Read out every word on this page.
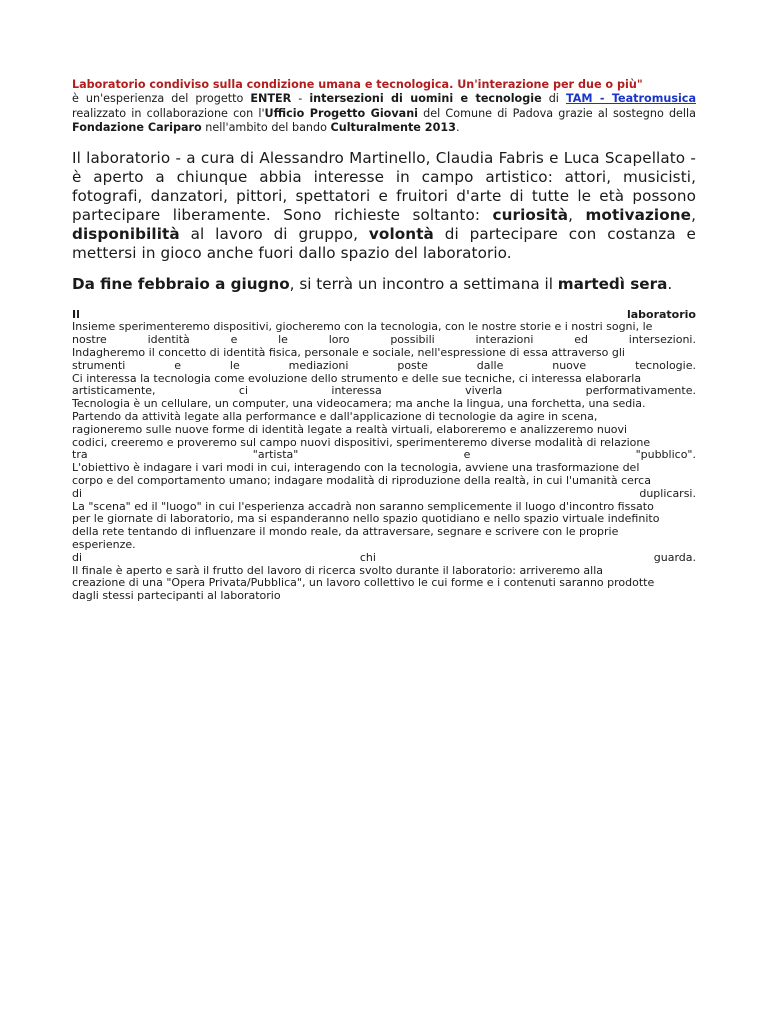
Laboratorio condiviso sulla condizione umana e tecnologica. Un'interazione per due o più"
è un'esperienza del progetto ENTER - intersezioni di uomini e tecnologie di TAM - Teatromusica realizzato in collaborazione con l'Ufficio Progetto Giovani del Comune di Padova grazie al sostegno della Fondazione Cariparo nell'ambito del bando Culturalmente 2013.

Il laboratorio - a cura di Alessandro Martinello, Claudia Fabris e Luca Scapellato - è aperto a chiunque abbia interesse in campo artistico: attori, musicisti, fotografi, danzatori, pittori, spettatori e fruitori d'arte di tutte le età possono partecipare liberamente. Sono richieste soltanto: curiosità, motivazione, disponibilità al lavoro di gruppo, volontà di partecipare con costanza e mettersi in gioco anche fuori dallo spazio del laboratorio.

Da fine febbraio a giugno, si terrà un incontro a settimana il martedì sera.

Il	laboratorio
Insieme sperimenteremo dispositivi, giocheremo con la tecnologia, con le nostre storie e i nostri sogni, le
nostre	identità	e	le	loro	possibili	interazioni	ed	intersezioni.
Indagheremo il concetto di identità fisica, personale e sociale, nell'espressione di essa attraverso gli
strumenti	e	le	mediazioni	poste	dalle	nuove	tecnologie.
Ci interessa la tecnologia come evoluzione dello strumento e delle sue tecniche, ci interessa elaborarla
artisticamente,	ci	interessa	viverla	performativamente.
Tecnologia è un cellulare, un computer, una videocamera; ma anche la lingua, una forchetta, una sedia.
Partendo da attività legate alla performance e dall'applicazione di tecnologie da agire in scena,
ragioneremo sulle nuove forme di identità legate a realtà virtuali, elaboreremo e analizzeremo nuovi
codici, creeremo e proveremo sul campo nuovi dispositivi, sperimenteremo diverse modalità di relazione
tra	"artista"	e	"pubblico".
L'obiettivo è indagare i vari modi in cui, interagendo con la tecnologia, avviene una trasformazione del
corpo e del comportamento umano; indagare modalità di riproduzione della realtà, in cui l'umanità cerca
di	duplicarsi.
La "scena" ed il "luogo" in cui l'esperienza accadrà non saranno semplicemente il luogo d'incontro fissato
per le giornate di laboratorio, ma si espanderanno nello spazio quotidiano e nello spazio virtuale indefinito
della rete tentando di influenzare il mondo reale, da attraversare, segnare e scrivere con le proprie
esperienze.
di	chi	guarda.
Il finale è aperto e sarà il frutto del lavoro di ricerca svolto durante il laboratorio: arriveremo alla
creazione di una "Opera Privata/Pubblica", un lavoro collettivo le cui forme e i contenuti saranno prodotte
dagli stessi partecipanti al laboratorio
